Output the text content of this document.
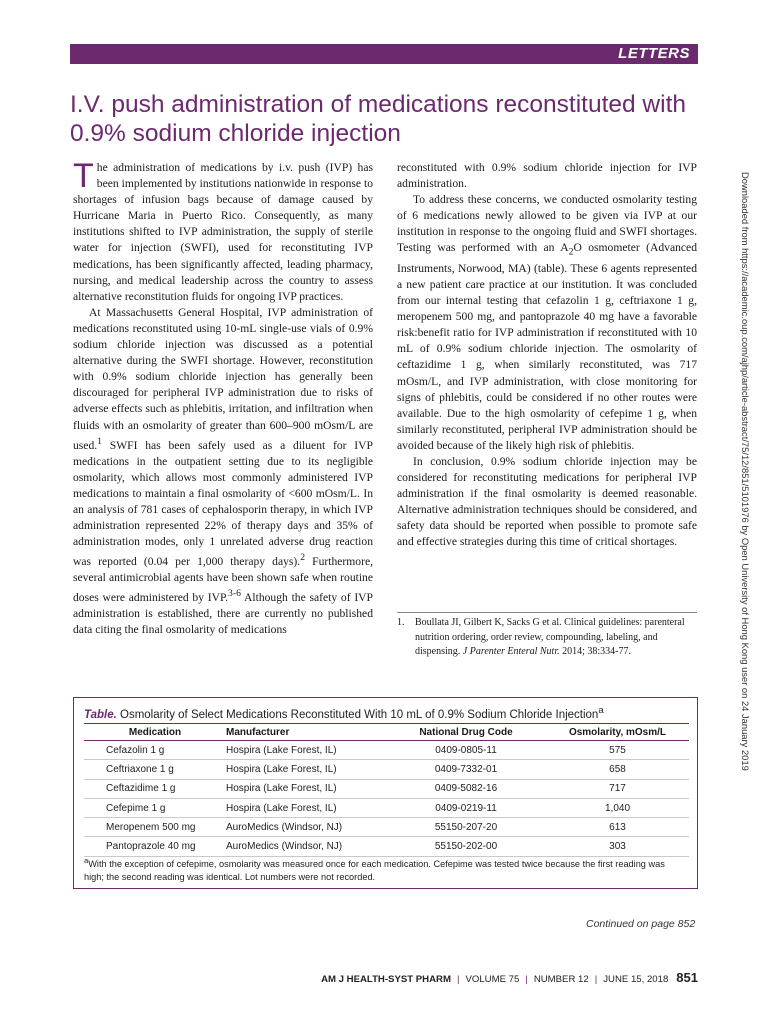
LETTERS
I.V. push administration of medications reconstituted with 0.9% sodium chloride injection

The administration of medications by i.v. push (IVP) has been implemented by institutions nationwide in response to shortages of infusion bags because of damage caused by Hurricane Maria in Puerto Rico. Consequently, as many institutions shifted to IVP administration, the supply of sterile water for injection (SWFI), used for reconstituting IVP medications, has been significantly affected, leading pharmacy, nursing, and medical leadership across the country to assess alternative reconstitution fluids for ongoing IVP practices.

At Massachusetts General Hospital, IVP administration of medications reconstituted using 10-mL single-use vials of 0.9% sodium chloride injection was discussed as a potential alternative during the SWFI shortage. However, reconstitution with 0.9% sodium chloride injection has generally been discouraged for peripheral IVP administration due to risks of adverse effects such as phlebitis, irritation, and infiltration when fluids with an osmolarity of greater than 600–900 mOsm/L are used.$^1$ SWFI has been safely used as a diluent for IVP medications in the outpatient setting due to its negligible osmolarity, which allows most commonly administered IVP medications to maintain a final osmolarity of <600 mOsm/L. In an analysis of 781 cases of cephalosporin therapy, in which IVP administration represented 22% of therapy days and 35% of administration modes, only 1 unrelated adverse drug reaction was reported (0.04 per 1,000 therapy days).$^2$ Furthermore, several antimicrobial agents have been shown safe when routine doses were administered by IVP.$^{3-6}$ Although the safety of IVP administration is established, there are currently no published data citing the final osmolarity of medications

reconstituted with 0.9% sodium chloride injection for IVP administration.

To address these concerns, we conducted osmolarity testing of 6 medications newly allowed to be given via IVP at our institution in response to the ongoing fluid and SWFI shortages. Testing was performed with an $A_2O$ osmometer (Advanced Instruments, Norwood, MA) (table). These 6 agents represented a new patient care practice at our institution. It was concluded from our internal testing that cefazolin 1 g, ceftriaxone 1 g, meropenem 500 mg, and pantoprazole 40 mg have a favorable risk:benefit ratio for IVP administration if reconstituted with 10 mL of 0.9% sodium chloride injection. The osmolarity of ceftazidime 1 g, when similarly reconstituted, was 717 mOsm/L, and IVP administration, with close monitoring for signs of phlebitis, could be considered if no other routes were available. Due to the high osmolarity of cefepime 1 g, when similarly reconstituted, peripheral IVP administration should be avoided because of the likely high risk of phlebitis.

In conclusion, 0.9% sodium chloride injection may be considered for reconstituting medications for peripheral IVP administration if the final osmolarity is deemed reasonable. Alternative administration techniques should be considered, and safety data should be reported when possible to promote safe and effective strategies during this time of critical shortages.

1. Boullata JI, Gilbert K, Sacks G et al. Clinical guidelines: parenteral nutrition ordering, order review, compounding, labeling, and dispensing. J Parenter Enteral Nutr. 2014; 38:334-77.	Downloaded from https://academic.oup.com/ajhp/article-abstract/75/12/851/5101976 by Open University of Hong Kong user on 24 January 2019
Table. Osmolarity of Select Medications Reconstituted With 10 mL of 0.9% Sodium Chloride Injection$^a$
Medication	Manufacturer	National Drug Code	Osmolarity, mOsm/L
Cefazolin 1 g	Hospira (Lake Forest, IL)	0409-0805-11	575
Ceftriaxone 1 g	Hospira (Lake Forest, IL)	0409-7332-01	658
Ceftazidime 1 g	Hospira (Lake Forest, IL)	0409-5082-16	717
Cefepime 1 g	Hospira (Lake Forest, IL)	0409-0219-11	1,040
Meropenem 500 mg	AuroMedics (Windsor, NJ)	55150-207-20	613
Pantoprazole 40 mg	AuroMedics (Windsor, NJ)	55150-202-00	303
$^a$With the exception of cefepime, osmolarity was measured once for each medication. Cefepime was tested twice because the first reading was high; the second reading was identical. Lot numbers were not recorded.
Continued on page 852
AM J HEALTH-SYST PHARM | VOLUME 75 | NUMBER 12 | JUNE 15, 2018 851
